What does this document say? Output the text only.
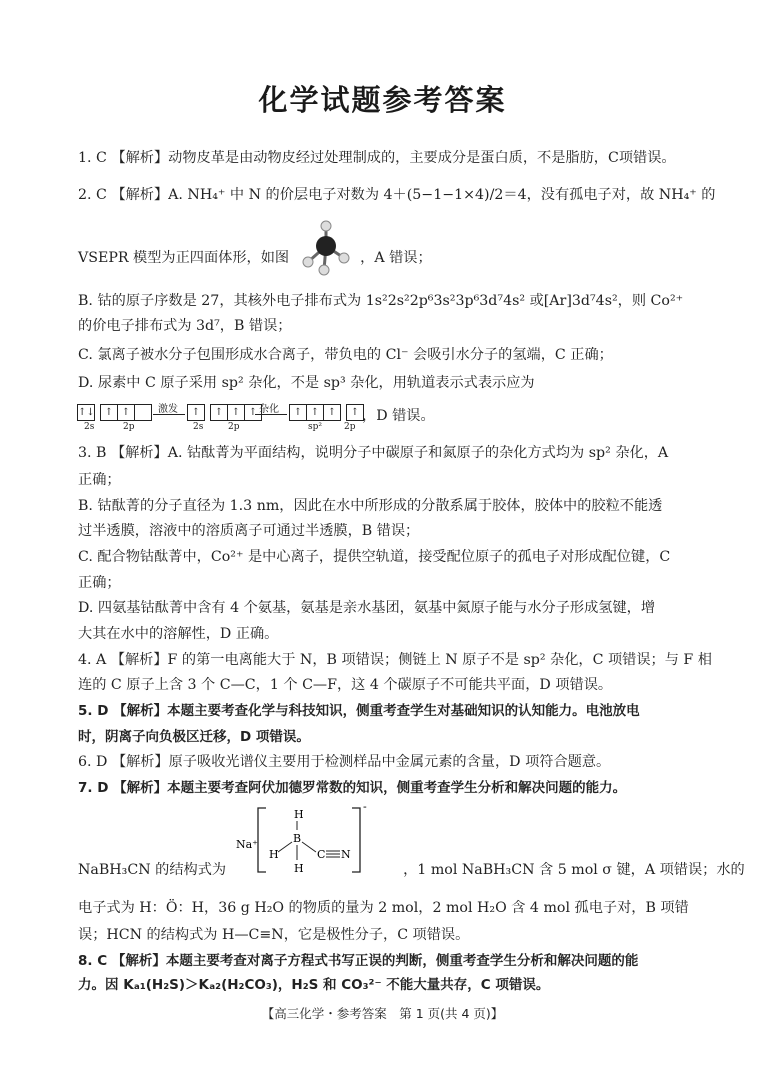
化学试题参考答案
1. C 【解析】动物皮革是由动物皮经过处理制成的，主要成分是蛋白质，不是脂肪，C项错误。
2. C 【解析】A. NH₄⁺ 中 N 的价层电子对数为 4＋(5−1−1×4)/2＝4，没有孤电子对，故 NH₄⁺ 的
VSEPR 模型为正四面体形，如图	，A 错误；
B. 钴的原子序数是 27，其核外电子排布式为 1s²2s²2p⁶3s²3p⁶3d⁷4s² 或[Ar]3d⁷4s²，则 Co²⁺
的价电子排布式为 3d⁷，B 错误；
C. 氯离子被水分子包围形成水合离子，带负电的 Cl⁻ 会吸引水分子的氢端，C 正确；
D. 尿素中 C 原子采用 sp² 杂化，不是 sp³ 杂化，用轨道表示式表示应为
↑↓	↑ ↑
2s	2p
激发	↑	↑ ↑ ↑
2s	2p
杂化	↑ ↑ ↑	↑
sp² 2p
，D 错误。
3. B 【解析】A. 钴酞菁为平面结构，说明分子中碳原子和氮原子的杂化方式均为 sp² 杂化，A
正确；
B. 钴酞菁的分子直径为 1.3 nm，因此在水中所形成的分散系属于胶体，胶体中的胶粒不能透
过半透膜，溶液中的溶质离子可通过半透膜，B 错误；
C. 配合物钴酞菁中，Co²⁺ 是中心离子，提供空轨道，接受配位原子的孤电子对形成配位键，C
正确；
D. 四氨基钴酞菁中含有 4 个氨基，氨基是亲水基团，氨基中氮原子能与水分子形成氢键，增
大其在水中的溶解性，D 正确。
4. A 【解析】F 的第一电离能大于 N，B 项错误；侧链上 N 原子不是 sp² 杂化，C 项错误；与 F 相
连的 C 原子上含 3 个 C—C，1 个 C—F，这 4 个碳原子不可能共平面，D 项错误。
5. D 【解析】本题主要考查化学与科技知识，侧重考查学生对基础知识的认知能力。电池放电
时，阴离子向负极区迁移，D 项错误。
6. D 【解析】原子吸收光谱仪主要用于检测样品中金属元素的含量，D 项符合题意。
7. D 【解析】本题主要考查阿伏加德罗常数的知识，侧重考查学生分析和解决问题的能力。
Na⁺
-
H
B
H
H
C N
NaBH₃CN 的结构式为	，1 mol NaBH₃CN 含 5 mol σ 键，A 项错误；水的
电子式为 H：Ö：H，36 g H₂O 的物质的量为 2 mol，2 mol H₂O 含 4 mol 孤电子对，B 项错
误；HCN 的结构式为 H—C≡N，它是极性分子，C 项错误。
8. C 【解析】本题主要考查对离子方程式书写正误的判断，侧重考查学生分析和解决问题的能
力。因 Kₐ₁(H₂S)＞Kₐ₂(H₂CO₃)，H₂S 和 CO₃²⁻ 不能大量共存，C 项错误。
【高三化学・参考答案　第 1 页(共 4 页)】
